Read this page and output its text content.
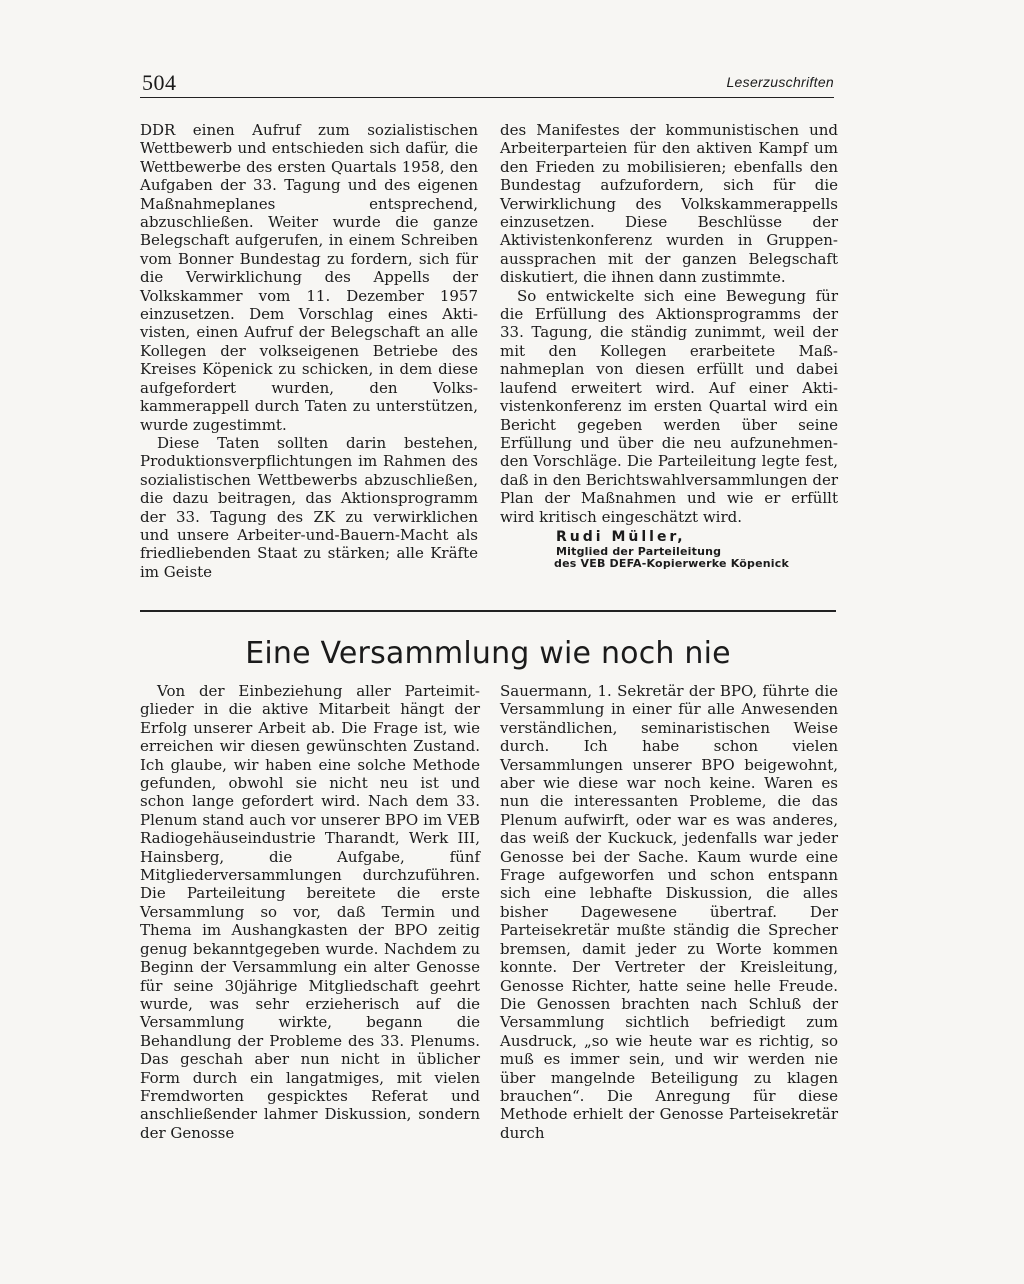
504	Leserzuschriften

DDR einen Aufruf zum sozialistischen Wettbewerb und entschieden sich dafür, die Wettbewerbe des ersten Quartals 1958, den Aufgaben der 33. Tagung und des eigenen Maßnahmeplanes entsprechend, abzuschließen. Weiter wurde die ganze Belegschaft aufgerufen, in einem Schreiben vom Bonner Bundestag zu fordern, sich für die Verwirklichung des Appells der Volkskammer vom 11. Dezember 1957 einzusetzen. Dem Vorschlag eines Aktivisten, einen Aufruf der Belegschaft an alle Kollegen der volkseigenen Betriebe des Kreises Köpenick zu schicken, in dem diese aufgefordert wurden, den Volkskammerappell durch Taten zu unterstützen, wurde zugestimmt.

Diese Taten sollten darin bestehen, Produktionsverpflichtungen im Rahmen des sozialistischen Wettbewerbs abzuschließen, die dazu beitragen, das Aktionsprogramm der 33. Tagung des ZK zu verwirklichen und unsere Arbeiter-und-Bauern-Macht als friedliebenden Staat zu stärken; alle Kräfte im Geiste

des Manifestes der kommunistischen und Arbeiterparteien für den aktiven Kampf um den Frieden zu mobilisieren; ebenfalls den Bundestag aufzufordern, sich für die Verwirklichung des Volkskammerappells einzusetzen. Diese Beschlüsse der Aktivistenkonferenz wurden in Gruppenaussprachen mit der ganzen Belegschaft diskutiert, die ihnen dann zustimmte.

So entwickelte sich eine Bewegung für die Erfüllung des Aktionsprogramms der 33. Tagung, die ständig zunimmt, weil der mit den Kollegen erarbeitete Maßnahmeplan von diesen erfüllt und dabei laufend erweitert wird. Auf einer Aktivistenkonferenz im ersten Quartal wird ein Bericht gegeben werden über seine Erfüllung und über die neu aufzunehmenden Vorschläge. Die Parteileitung legte fest, daß in den Berichtswahlversammlungen der Plan der Maßnahmen und wie er erfüllt wird kritisch eingeschätzt wird.

Rudi Müller,
Mitglied der Parteileitung
des VEB DEFA-Kopierwerke Köpenick
Eine Versammlung wie noch nie

Von der Einbeziehung aller Parteimitglieder in die aktive Mitarbeit hängt der Erfolg unserer Arbeit ab. Die Frage ist, wie erreichen wir diesen gewünschten Zustand. Ich glaube, wir haben eine solche Methode gefunden, obwohl sie nicht neu ist und schon lange gefordert wird. Nach dem 33. Plenum stand auch vor unserer BPO im VEB Radiogehäuseindustrie Tharandt, Werk III, Hainsberg, die Aufgabe, fünf Mitgliederversammlungen durchzuführen. Die Parteileitung bereitete die erste Versammlung so vor, daß Termin und Thema im Aushangkasten der BPO zeitig genug bekanntgegeben wurde. Nachdem zu Beginn der Versammlung ein alter Genosse für seine 30jährige Mitgliedschaft geehrt wurde, was sehr erzieherisch auf die Versammlung wirkte, begann die Behandlung der Probleme des 33. Plenums. Das geschah aber nun nicht in üblicher Form durch ein langatmiges, mit vielen Fremdworten gespicktes Referat und anschließender lahmer Diskussion, sondern der Genosse

Sauermann, 1. Sekretär der BPO, führte die Versammlung in einer für alle Anwesenden verständlichen, seminaristischen Weise durch. Ich habe schon vielen Versammlungen unserer BPO beigewohnt, aber wie diese war noch keine. Waren es nun die interessanten Probleme, die das Plenum aufwirft, oder war es was anderes, das weiß der Kuckuck, jedenfalls war jeder Genosse bei der Sache. Kaum wurde eine Frage aufgeworfen und schon entspann sich eine lebhafte Diskussion, die alles bisher Dagewesene übertraf. Der Parteisekretär mußte ständig die Sprecher bremsen, damit jeder zu Worte kommen konnte. Der Vertreter der Kreisleitung, Genosse Richter, hatte seine helle Freude. Die Genossen brachten nach Schluß der Versammlung sichtlich befriedigt zum Ausdruck, „so wie heute war es richtig, so muß es immer sein, und wir werden nie über mangelnde Beteiligung zu klagen brauchen“. Die Anregung für diese Methode erhielt der Genosse Parteisekretär durch
